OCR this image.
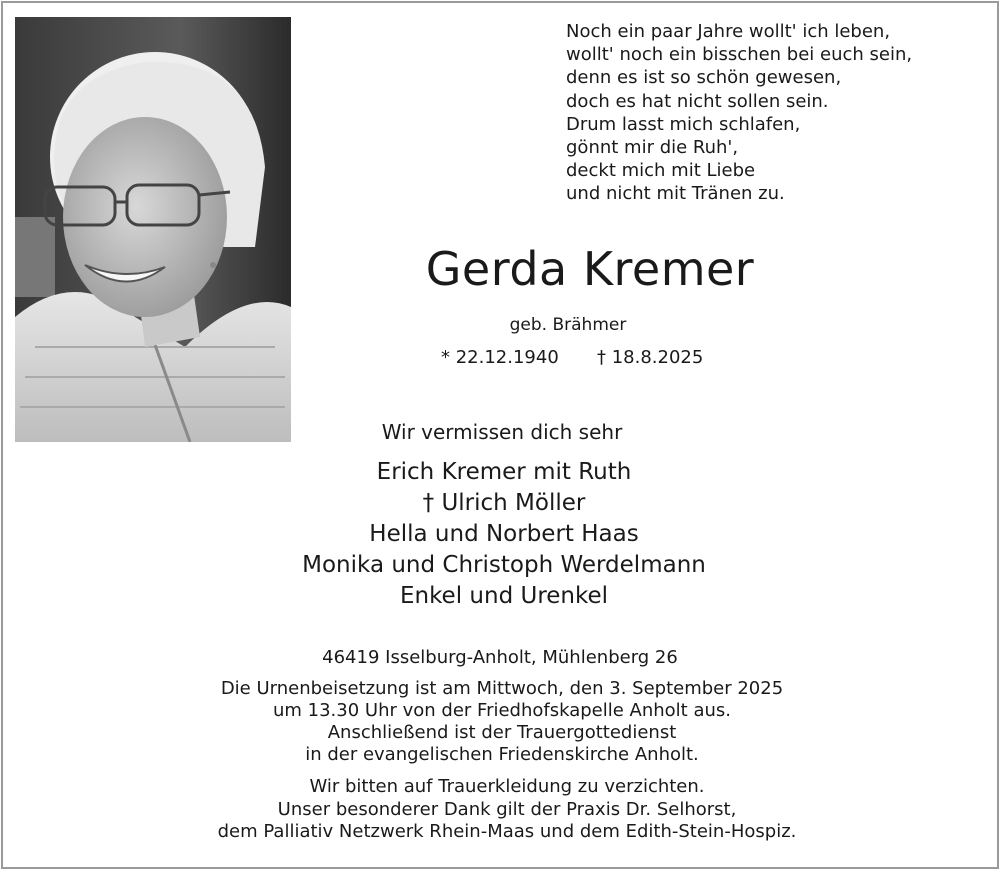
Noch ein paar Jahre wollt' ich leben,
wollt' noch ein bisschen bei euch sein,
denn es ist so schön gewesen,
doch es hat nicht sollen sein.
Drum lasst mich schlafen,
gönnt mir die Ruh',
deckt mich mit Liebe
und nicht mit Tränen zu.
Gerda Kremer
geb. Brähmer
* 22.12.1940 † 18.8.2025
Wir vermissen dich sehr
Erich Kremer mit Ruth
† Ulrich Möller
Hella und Norbert Haas
Monika und Christoph Werdelmann
Enkel und Urenkel
46419 Isselburg-Anholt, Mühlenberg 26
Die Urnenbeisetzung ist am Mittwoch, den 3. September 2025
um 13.30 Uhr von der Friedhofskapelle Anholt aus.
Anschließend ist der Trauergottedienst
in der evangelischen Friedenskirche Anholt.
Wir bitten auf Trauerkleidung zu verzichten.
Unser besonderer Dank gilt der Praxis Dr. Selhorst,
dem Palliativ Netzwerk Rhein-Maas und dem Edith-Stein-Hospiz.
